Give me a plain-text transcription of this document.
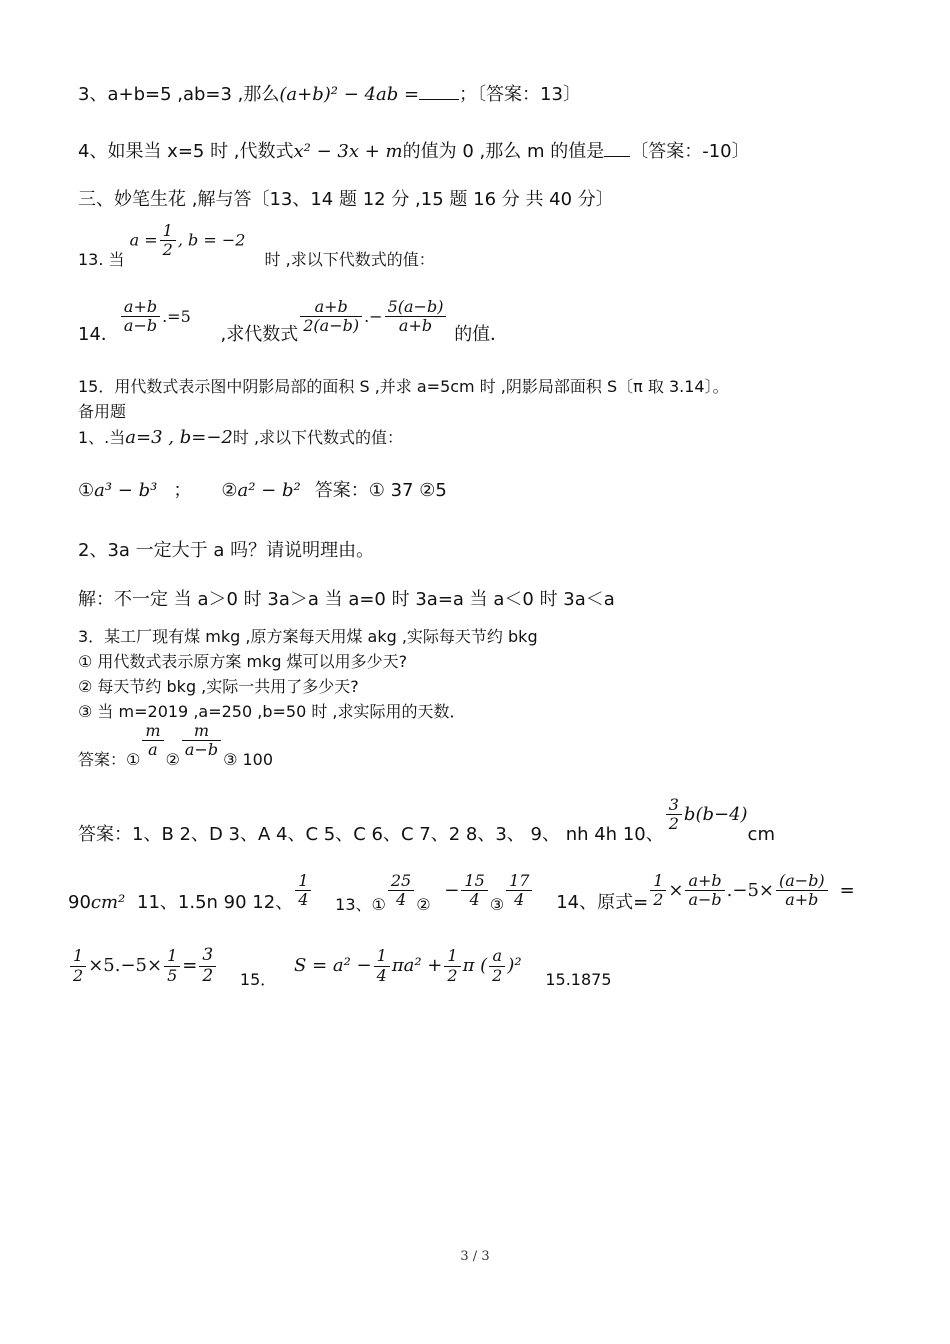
3、a+b=5 ,ab=3 ,那么(a+b)² − 4ab = ；〔答案：13〕
4、如果当 x=5 时 ,代数式x² − 3x + m的值为 0 ,那么 m 的值是 〔答案：-10〕
三、妙笔生花 ,解与答〔13、14 题 12 分 ,15 题 16 分 共 40 分〕
13. 当 $a = \frac{1}{2}$ , b = −2 时 ,求以下代数式的值：
14． $\frac{a+b}{a-b} .=5$ ,求代数式 $\frac{a+b}{2(a-b)}$ .− $\frac{5(a-b)}{a+b}$ 的值．
15．用代数式表示图中阴影局部的面积 S ,并求 a=5cm 时 ,阴影局部面积 S〔π 取 3.14〕。
备用题
1、.当a=3 , b=−2时 ,求以下代数式的值：
①a³ − b³ ； ②a² − b² 答案：① 37 ②5
2、3a 一定大于 a 吗？请说明理由。
解：不一定 当 a＞0 时 3a＞a 当 a=0 时 3a=a 当 a＜0 时 3a＜a
3．某工厂现有煤 mkg ,原方案每天用煤 akg ,实际每天节约 bkg
① 用代数式表示原方案 mkg 煤可以用多少天?
② 每天节约 bkg ,实际一共用了多少天?
③ 当 m=2019 ,a=250 ,b=50 时 ,求实际用的天数．
答案：①
$\frac{m}{a}$
②
$\frac{m}{a-b}$
③ 100
答案：1、B 2、D 3、A 4、C 5、C 6、C 7、2 8、3、 9、 nh 4h 10、
$\frac{3}{2} b(b-4)cm$
90cm² 11、1.5n 90 12、 $\frac{1}{4} 13$、① $\frac{25}{4}$ ② − $\frac{15}{4}$ ③ $\frac{17}{4} 14$、原式= $\frac{1}{2} \times \frac{a+b}{a-b} .-5\times \frac{(a-b)}{a+b}$ =
$\frac{1}{2} \times 5.-5\times \frac{1}{5} = \frac{3}{2} 15$． $S = a^2 - \frac{1}{4} \pi a^2 + \frac{1}{2}$ π ( $\frac{a}{2} )^2$ 15.1875
3 / 3
